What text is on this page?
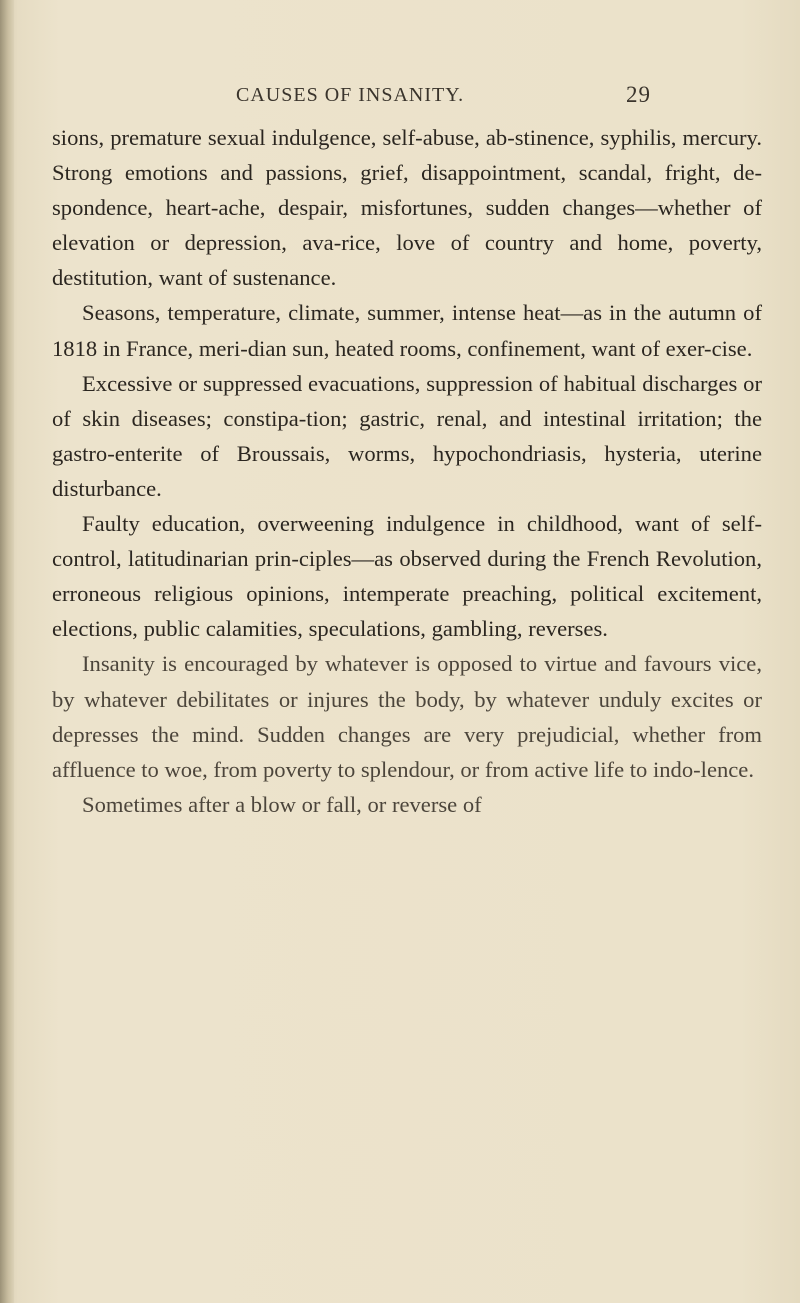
CAUSES OF INSANITY.	29

sions, premature sexual indulgence, self-abuse, ab-stinence, syphilis, mercury. Strong emotions and passions, grief, disappointment, scandal, fright, de-spondence, heart-ache, despair, misfortunes, sudden changes—whether of elevation or depression, ava-rice, love of country and home, poverty, destitution, want of sustenance.

Seasons, temperature, climate, summer, intense heat—as in the autumn of 1818 in France, meri-dian sun, heated rooms, confinement, want of exer-cise.

Excessive or suppressed evacuations, suppression of habitual discharges or of skin diseases; constipa-tion; gastric, renal, and intestinal irritation; the gastro-enterite of Broussais, worms, hypochondriasis, hysteria, uterine disturbance.

Faulty education, overweening indulgence in childhood, want of self-control, latitudinarian prin-ciples—as observed during the French Revolution, erroneous religious opinions, intemperate preaching, political excitement, elections, public calamities, speculations, gambling, reverses.

Insanity is encouraged by whatever is opposed to virtue and favours vice, by whatever debilitates or injures the body, by whatever unduly excites or depresses the mind. Sudden changes are very prejudicial, whether from affluence to woe, from poverty to splendour, or from active life to indo-lence.

Sometimes after a blow or fall, or reverse of
